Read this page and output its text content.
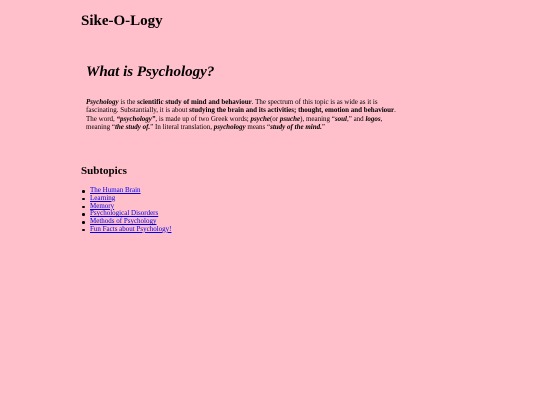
Sike-O-Logy
What is Psychology?

Psychology is the scientific study of mind and behaviour. The spectrum of this topic is as wide as it is fascinating. Substantially, it is about studying the brain and its activities; thought, emotion and behaviour. The word, “psychology”, is made up of two Greek words; psyche(or psuche), meaning “soul,” and logos, meaning “the study of.” In literal translation, psychology means “study of the mind.”

Subtopics
The Human Brain
Learning
Memory
Psychological Disorders
Methods of Psychology
Fun Facts about Psychology!
